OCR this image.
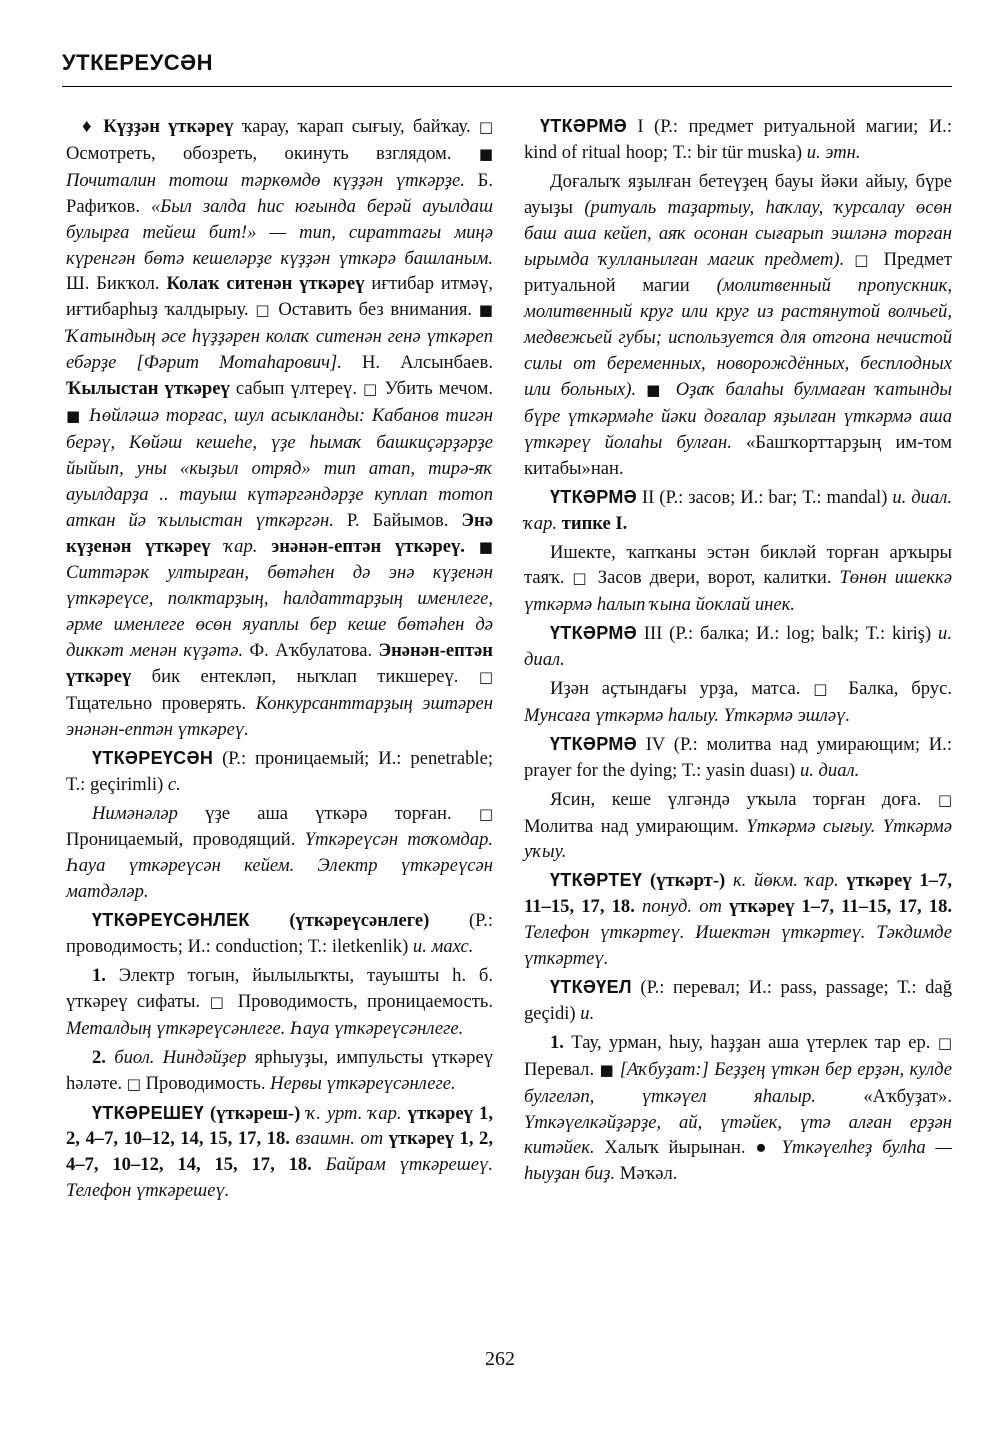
УТКЕРЕУСӘН

♦ Күҙҙән үткәреү ҡарау, ҡарап сығыу, байҡау. □ Осмотреть, обозреть, окинуть взглядом. ■ Почиталин тотош тәркөмдө күҙҙән үткәрҙе. Б. Рафиҡов. «Был залда һис юғында берәй ауылдаш булырға тейеш бит!» — тип, сираттағы миңә күренгән бөтә кешеләрҙе күҙҙән үткәрә башланым. Ш. Бикҡол. Колаҡ ситенән үткәреү иғтибар итмәү, иғтибарһыҙ ҡалдырыу. □ Оставить без внимания. ■ Ҡатындың әсе һүҙҙәрен колаҡ ситенән генә үткәреп ебәрҙе [Фәрит Мотаһарович]. Н. Алсынбаев. Ҡылыстан үткәреү сабып үлтереү. □ Убить мечом. ■ Һөйләшә торғас, шул асыкланды: Кабанов тигән берәү, Көйәш кешеһе, үҙе һымаҡ башкиҫәрҙәрҙе йыйып, уны «кыҙыл отряд» тип атап, тирә-яҡ ауылдарҙа .. тауыш күтәргәндәрҙе куплап тотоп аткан йә ҡылыстан үткәргән. Р. Байымов. Энә күҙенән үткәреү ҡар. энәнән-ептән үткәреү. ■ Ситтәрәк ултырған, бөтәһен дә энә күҙенән үткәреүсе, полктарҙың, һалдаттарҙың именлеге, әрме именлеге өсөн яуаплы бер кеше бөтәһен дә диккәт менән күҙәтә. Ф. Аҡбулатова. Энәнән-ептән үткәреү бик ентекләп, ныҡлап тикшереү. □ Тщательно проверять. Конкурсанттарҙың эштәрен энәнән-ептән үткәреү.

ҮТКӘРЕҮСӘН (Р.: проницаемый; И.: penetrable; Т.: geçirimli) с.

Нимәнәләр үҙе аша үткәрә торған. □ Проницаемый, проводящий. Үткәреүсән тоҡомдар. Һауа үткәреүсән кейем. Электр үткәреүсән матдәләр.

ҮТКӘРЕҮСӘНЛЕК (үткәреүсәнлеге) (Р.: проводимость; И.: conduction; Т.: iletkenlik) и. махс.

1. Электр тогын, йылылыҡты, тауышты һ. б. үткәреү сифаты. □ Проводимость, проницаемость. Металдың үткәреүсәнлеге. Һауа үткәреүсәнлеге.

2. биол. Ниндәйҙер ярһыуҙы, импульсты үткәреү һәләте. □ Проводимость. Нервы үткәреүсәнлеге.

ҮТКӘРЕШЕҮ (үткәреш-) ҡ. урт. ҡар. үткәреү 1, 2, 4–7, 10–12, 14, 15, 17, 18. взаимн. от үткәреү 1, 2, 4–7, 10–12, 14, 15, 17, 18. Байрам үткәрешеү. Телефон үткәрешеү.

ҮТКӘРМӘ I (Р.: предмет ритуальной магии; И.: kind of ritual hoop; Т.: bir tür muska) и. этн.

Доғалыҡ яҙылған бетеүҙең бауы йәки айыу, бүре ауыҙы (ритуаль таҙартыу, һаҡлау, ҡурсалау өсөн баш аша кейеп, аяҡ осонан сығарып эшләнә торған ырымда ҡулланылған магик предмет). □ Предмет ритуальной магии (молитвенный пропускник, молитвенный круг или круг из растянутой волчьей, медвежьей губы; используется для отгона нечистой силы от беременных, новорождённых, бесплодных или больных). ■ Оҙаҡ балаһы булмаған ҡатынды бүре үткәрмәһе йәки доғалар яҙылған үткәрмә аша үткәреү йолаһы булған. «Башҡорттарҙың им-том китабы»нан.

ҮТКӘРМӘ II (Р.: засов; И.: bar; Т.: mandal) и. диал. ҡар. типке I.

Ишекте, ҡапҡаны эстән бикләй торған арҡыры таяҡ. □ Засов двери, ворот, калитки. Төнөн ишеккә үткәрмә һалып ҡына йоклай инек.

ҮТКӘРМӘ III (Р.: балка; И.: log; balk; Т.: kiriş) и. диал.

Иҙән аҫтындағы урҙа, матса. □ Балка, брус. Мунсаға үткәрмә һалыу. Үткәрмә эшләү.

ҮТКӘРМӘ IV (Р.: молитва над умирающим; И.: prayer for the dying; Т.: yasin duası) и. диал.

Ясин, кеше үлгәндә уҡыла торған доға. □ Молитва над умирающим. Үткәрмә сығыу. Үткәрмә уҡыу.

ҮТКӘРТЕҮ (үткәрт-) к. йөкм. ҡар. үткәреү 1–7, 11–15, 17, 18. понуд. от үткәреү 1–7, 11–15, 17, 18. Телефон үткәртеү. Ишектән үткәртеү. Тәкдимде үткәртеү.

ҮТКӘҮЕЛ (Р.: перевал; И.: pass, passage; Т.: dağ geçidi) и.

1. Тау, урман, һыу, һаҙҙан аша үтерлек тар ер. □ Перевал. ■ [Аҡбуҙат:] Беҙҙең үткән бер ерҙән, кулде булгеләп, үткәүел яһалыр. «Аҡбуҙат». Үткәүелкәйҙәрҙе, ай, үтәйек, үтә алған ерҙән китәйек. Халыҡ йырынан. ● Үткәүелһеҙ булһа — һыуҙан биҙ. Мәҡәл.

262
